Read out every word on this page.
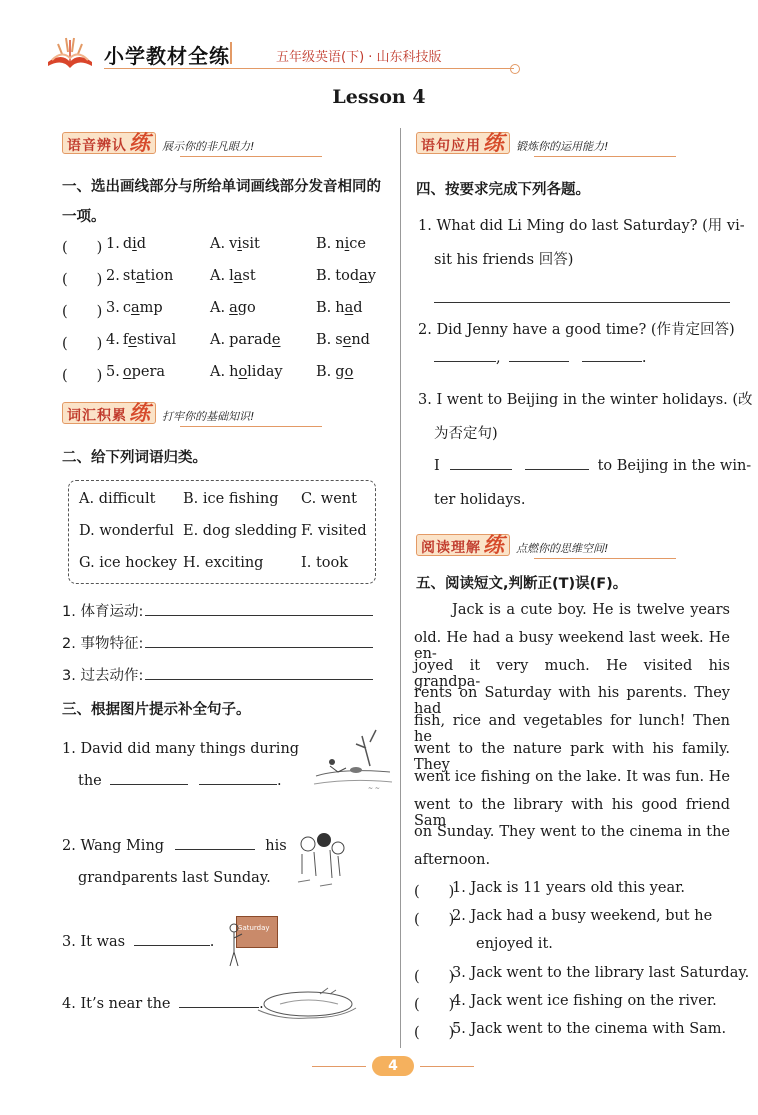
小学教材全练	五年级英语(下) · 山东科技版
Lesson 4
语音辨认练	展示你的非凡眼力!
一、选出画线部分与所给单词画线部分发音相同的一项。
(　　) 1. did	A. visit	B. nice
(　　) 2. station	A. last	B. today
(　　) 3. camp	A. ago	B. had
(　　) 4. festival A. parade B. send
(　　) 5. opera	A. holiday B. go
词汇积累练	打牢你的基础知识!
二、给下列词语归类。
A. difficult B. ice fishing C. went
D. wonderful E. dog sledding F. visited
G. ice hockey H. exciting	I. took
1. 体育运动:
2. 事物特征:
3. 过去动作:
三、根据图片提示补全句子。
1. David did many things during
the	.	~ ~
2. Wang Ming	his
grandparents last Sunday.
3. It was	.
Saturday
4. It’s near the	.
语句应用练	锻炼你的运用能力!
四、按要求完成下列各题。
1. What did Li Ming do last Saturday? (用 vi-
sit his friends 回答)
2. Did Jenny have a good time? (作肯定回答)
,	.
3. I went to Beijing in the winter holidays. (改
为否定句)
I	to Beijing in the win-
ter holidays.
阅读理解练	点燃你的思维空间!
五、阅读短文,判断正(T)误(F)。
Jack is a cute boy. He is twelve years
old. He had a busy weekend last week. He en-
joyed it very much. He visited his grandpa-
rents on Saturday with his parents. They had
fish, rice and vegetables for lunch! Then he
went to the nature park with his family. They
went ice fishing on the lake. It was fun. He
went to the library with his good friend Sam
on Sunday. They went to the cinema in the
afternoon.
(　　)
1. Jack is 11 years old this year.
(　　)
2. Jack had a busy weekend, but he
enjoyed it.
(　　)
3. Jack went to the library last Saturday.
(　　)
4. Jack went ice fishing on the river.
(　　)
5. Jack went to the cinema with Sam.
4
